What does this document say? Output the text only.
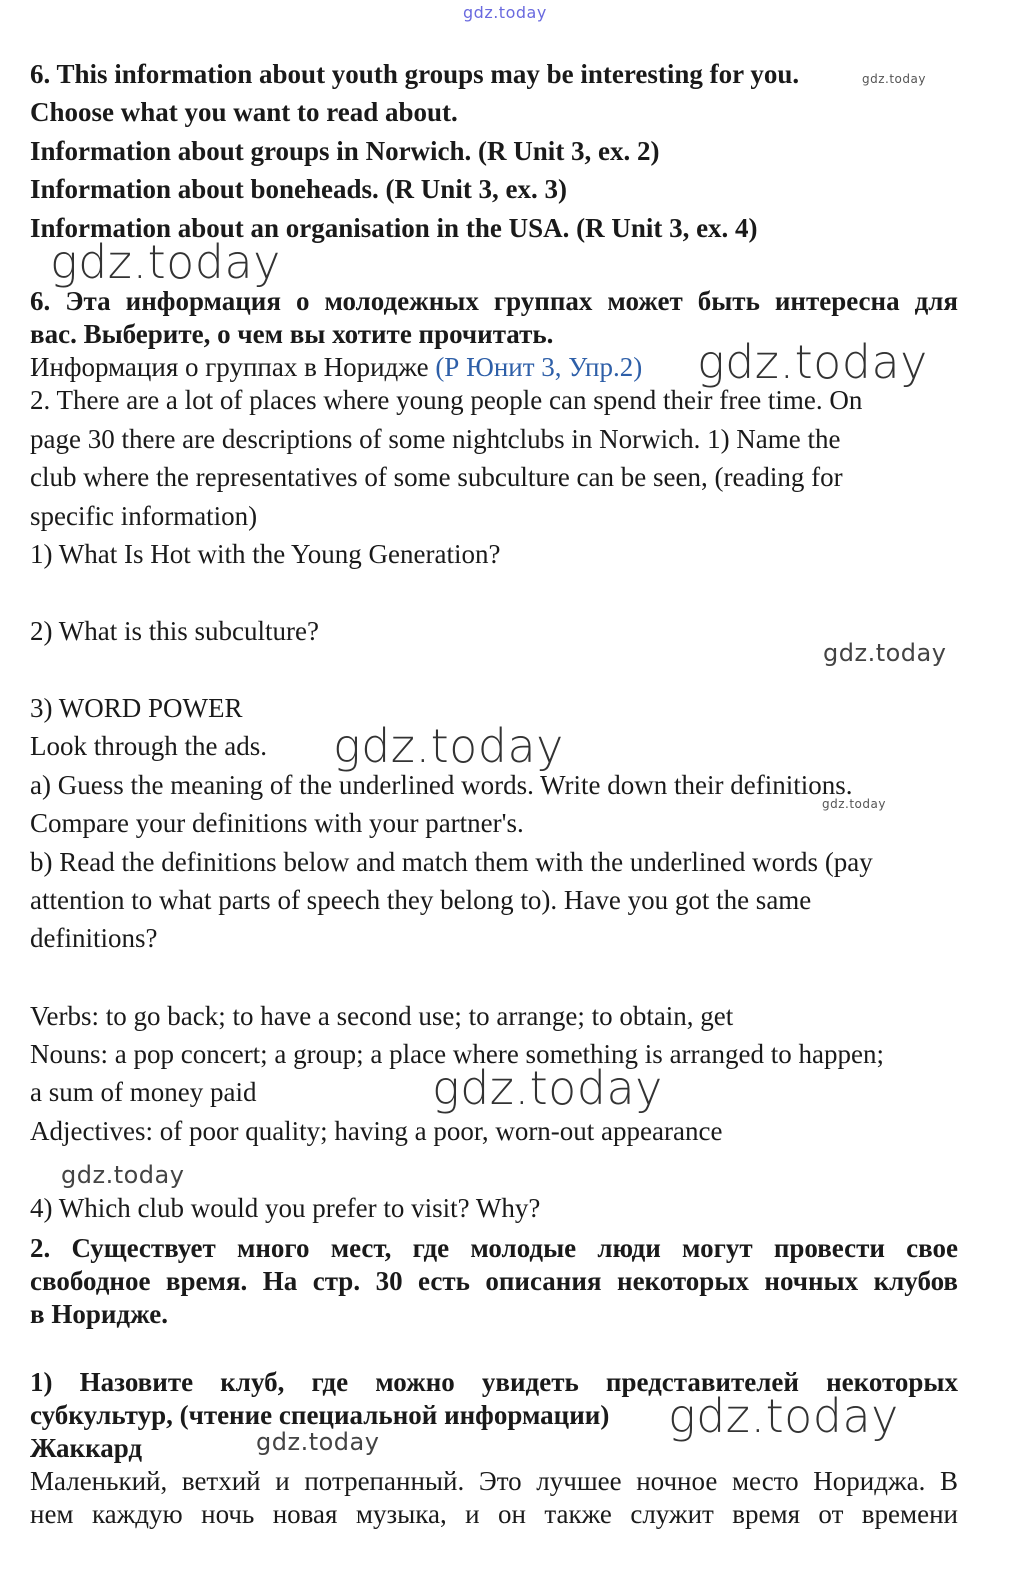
gdz.today
6. This information about youth groups may be interesting for you.
Choose what you want to read about.
Information about groups in Norwich. (R Unit 3, ex. 2)
Information about boneheads. (R Unit 3, ex. 3)
Information about an organisation in the USA. (R Unit 3, ex. 4)
6. Эта информация о молодежных группах может быть интересна для
вас. Выберите, о чем вы хотите прочитать.
Информация о группах в Норидже (Р Юнит 3, Упр.2)
2. There are a lot of places where young people can spend their free time. On
page 30 there are descriptions of some nightclubs in Norwich. 1) Name the
club where the representatives of some subculture can be seen, (reading for
specific information)
1) What Is Hot with the Young Generation?
2) What is this subculture?
3) WORD POWER
Look through the ads.
a) Guess the meaning of the underlined words. Write down their definitions.
Compare your definitions with your partner's.
b) Read the definitions below and match them with the underlined words (pay
attention to what parts of speech they belong to). Have you got the same
definitions?
Verbs: to go back; to have a second use; to arrange; to obtain, get
Nouns: a pop concert; a group; a place where something is arranged to happen;
a sum of money paid
Adjectives: of poor quality; having a poor, worn-out appearance
4) Which club would you prefer to visit? Why?
2. Существует много мест, где молодые люди могут провести свое
свободное время. На стр. 30 есть описания некоторых ночных клубов
в Норидже.
1) Назовите клуб, где можно увидеть представителей некоторых
субкультур, (чтение специальной информации)
Жаккард
Маленький, ветхий и потрепанный. Это лучшее ночное место Нориджа. В
нем каждую ночь новая музыка, и он также служит время от времени
gdz.today
gdz.today
gdz.today
gdz.today
gdz.today
gdz.today
gdz.today
gdz.today
gdz.today
gdz.today
